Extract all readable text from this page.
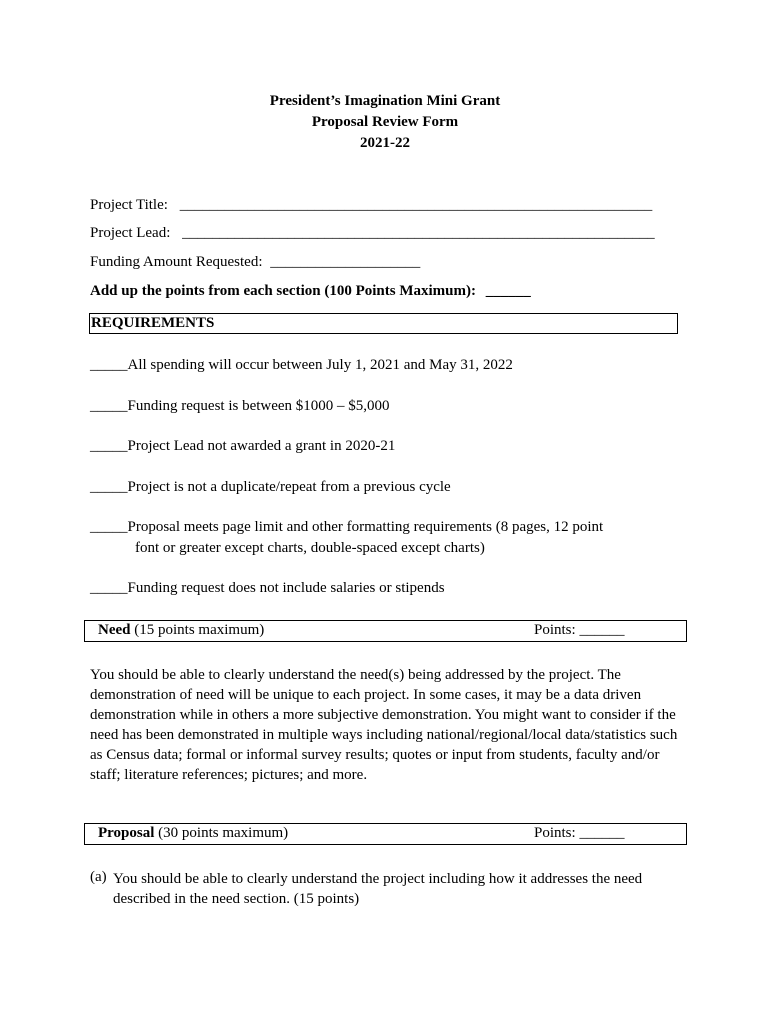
President’s Imagination Mini Grant
Proposal Review Form
2021-22
Project Title: _______________________________________________________________
Project Lead: _______________________________________________________________
Funding Amount Requested: ____________________
Add up the points from each section (100 Points Maximum): ______
REQUIREMENTS
_____All spending will occur between July 1, 2021 and May 31, 2022
_____Funding request is between $1000 – $5,000
_____Project Lead not awarded a grant in 2020-21
_____Project is not a duplicate/repeat from a previous cycle
_____Proposal meets page limit and other formatting requirements (8 pages, 12 point
font or greater except charts, double-spaced except charts)
_____Funding request does not include salaries or stipends
Need (15 points maximum)	Points: ______
You should be able to clearly understand the need(s) being addressed by the project. The demonstration of need will be unique to each project. In some cases, it may be a data driven demonstration while in others a more subjective demonstration. You might want to consider if the need has been demonstrated in multiple ways including national/regional/local data/statistics such as Census data; formal or informal survey results; quotes or input from students, faculty and/or staff; literature references; pictures; and more.
Proposal (30 points maximum)	Points: ______
(a) You should be able to clearly understand the project including how it addresses the need described in the need section. (15 points)
